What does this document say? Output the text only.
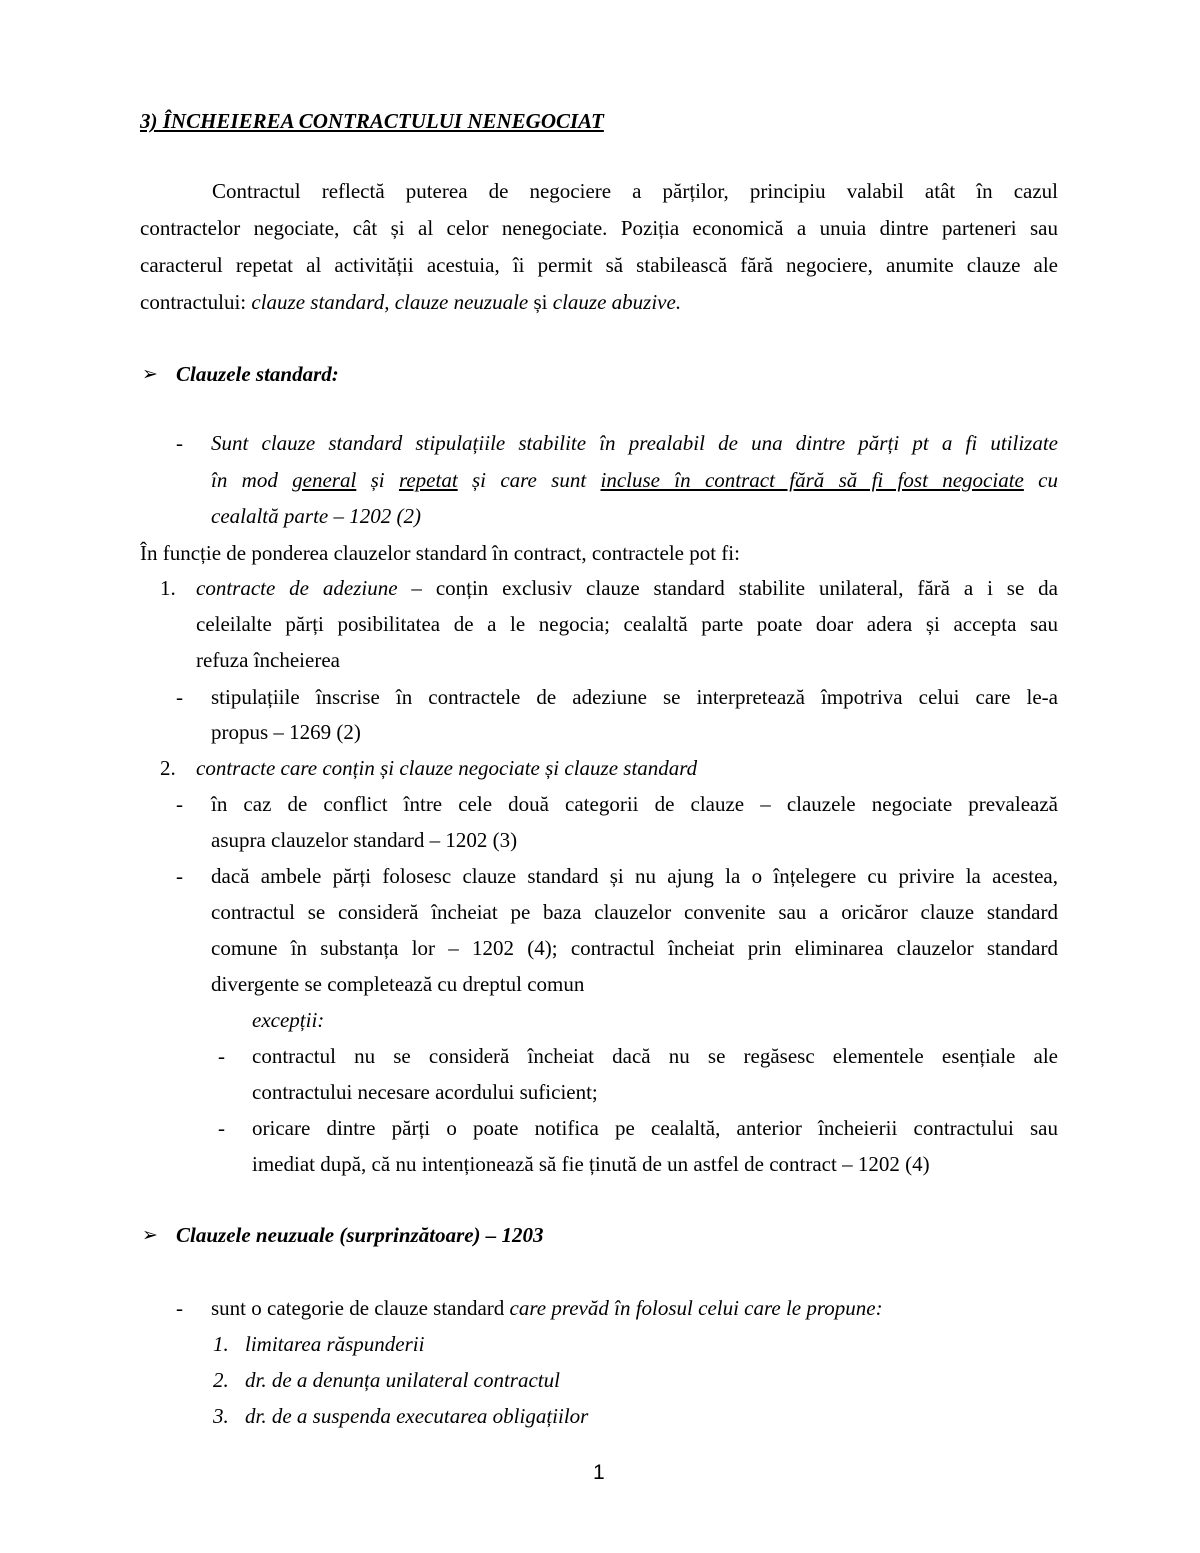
3) ÎNCHEIEREA CONTRACTULUI NENEGOCIAT
Contractul reflectă puterea de negociere a părților, principiu valabil atât în cazul
contractelor negociate, cât și al celor nenegociate. Poziția economică a unuia dintre parteneri sau
caracterul repetat al activității acestuia, îi permit să stabilească fără negociere, anumite clauze ale
contractului: clauze standard, clauze neuzuale și clauze abuzive.
➢ Clauzele standard:
- Sunt clauze standard stipulațiile stabilite în prealabil de una dintre părți pt a fi utilizate
în mod general și repetat și care sunt incluse în contract fără să fi fost negociate cu
cealaltă parte – 1202 (2)
În funcție de ponderea clauzelor standard în contract, contractele pot fi:
1. contracte de adeziune – conțin exclusiv clauze standard stabilite unilateral, fără a i se da
celeilalte părți posibilitatea de a le negocia; cealaltă parte poate doar adera și accepta sau
refuza încheierea
- stipulațiile înscrise în contractele de adeziune se interpretează împotriva celui care le-a
propus – 1269 (2)
2. contracte care conțin și clauze negociate și clauze standard
- în caz de conflict între cele două categorii de clauze – clauzele negociate prevalează
asupra clauzelor standard – 1202 (3)
- dacă ambele părți folosesc clauze standard și nu ajung la o înțelegere cu privire la acestea,
contractul se consideră încheiat pe baza clauzelor convenite sau a oricăror clauze standard
comune în substanța lor – 1202 (4); contractul încheiat prin eliminarea clauzelor standard
divergente se completează cu dreptul comun
excepții:
- contractul nu se consideră încheiat dacă nu se regăsesc elementele esențiale ale
contractului necesare acordului suficient;
- oricare dintre părți o poate notifica pe cealaltă, anterior încheierii contractului sau
imediat după, că nu intenționează să fie ținută de un astfel de contract – 1202 (4)
➢ Clauzele neuzuale (surprinzătoare) – 1203
- sunt o categorie de clauze standard care prevăd în folosul celui care le propune:
1. limitarea răspunderii
2. dr. de a denunța unilateral contractul
3. dr. de a suspenda executarea obligațiilor
1
